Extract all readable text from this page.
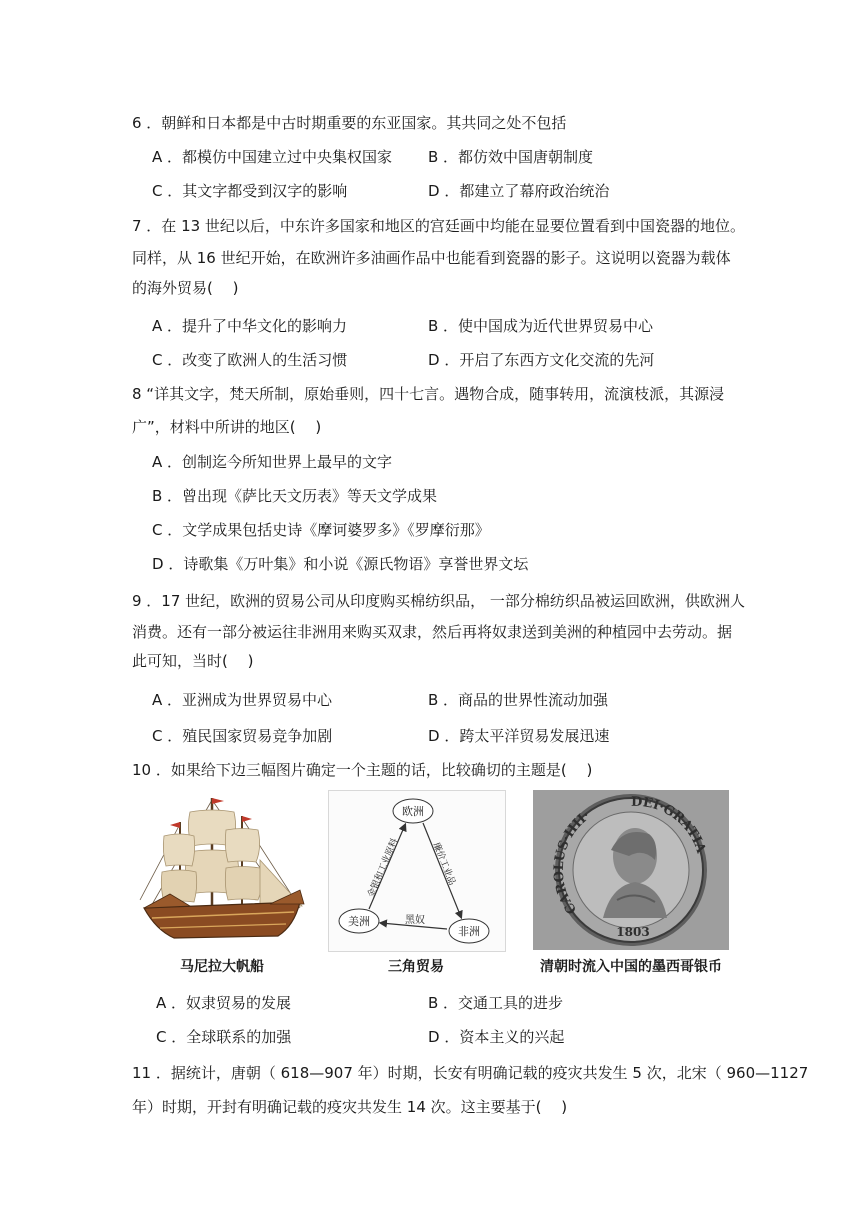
6 ．朝鲜和日本都是中古时期重要的东亚国家。其共同之处不包括
A ．都模仿中国建立过中央集权国家 B ．都仿效中国唐朝制度
C ．其文字都受到汉字的影响	D ．都建立了幕府政治统治
7 ．在 13 世纪以后，中东许多国家和地区的宫廷画中均能在显要位置看到中国瓷器的地位。
同样，从 16 世纪开始，在欧洲许多油画作品中也能看到瓷器的影子。这说明以瓷器为载体
的海外贸易(　 )
A ．提升了中华文化的影响力	B ．使中国成为近代世界贸易中心
C ．改变了欧洲人的生活习惯	D ．开启了东西方文化交流的先河
8 “详其文字，梵天所制，原始垂则，四十七言。遇物合成，随事转用，流演枝派，其源浸
广”，材料中所讲的地区(　 )
A ．创制迄今所知世界上最早的文字
B ．曾出现《萨比天文历表》等天文学成果
C ．文学成果包括史诗《摩诃婆罗多》《罗摩衍那》
D ．诗歌集《万叶集》和小说《源氏物语》享誉世界文坛
9 ．17 世纪，欧洲的贸易公司从印度购买棉纺织品， 一部分棉纺织品被运回欧洲，供欧洲人
消费。还有一部分被运往非洲用来购买双隶，然后再将奴隶送到美洲的种植园中去劳动。据
此可知，当时(　 )
A ．亚洲成为世界贸易中心	B ．商品的世界性流动加强
C ．殖民国家贸易竞争加剧	D ．跨太平洋贸易发展迅速
10 ．如果给下边三幅图片确定一个主题的话，比较确切的主题是(　 )
马尼拉大帆船
欧洲
美洲
非洲
金银和工业原料	廉价工业品
黑奴
三角贸易
CAROLUS·IIII·
DEI·GRATIA
1803
清朝时流入中国的墨西哥银币
A ．奴隶贸易的发展	B ．交通工具的进步
C ．全球联系的加强	D ．资本主义的兴起
11 ．据统计，唐朝（ 618—907 年）时期，长安有明确记载的疫灾共发生 5 次，北宋（ 960—1127
年）时期，开封有明确记载的疫灾共发生 14 次。这主要基于(　 )
